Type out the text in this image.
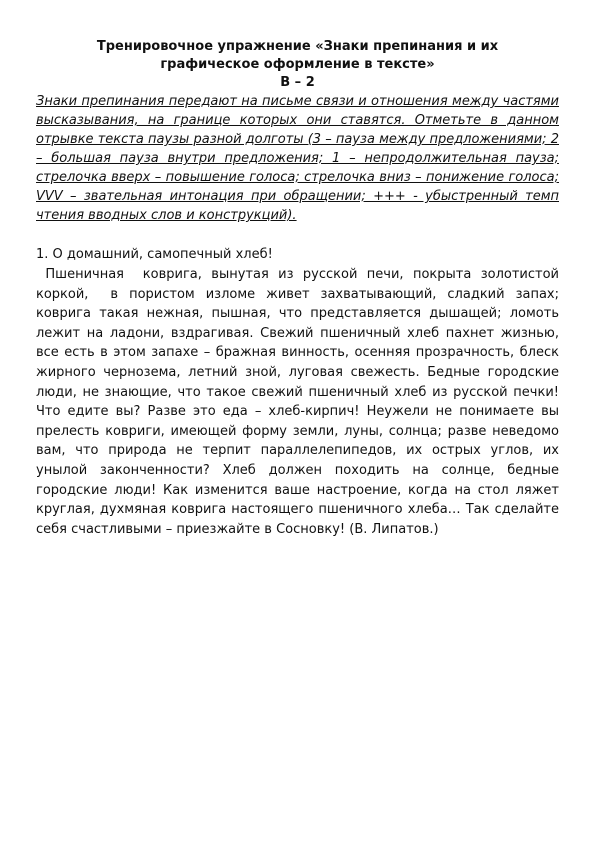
Тренировочное упражнение «Знаки препинания и их
графическое оформление в тексте»
В – 2

Знаки препинания передают на письме связи и отношения между частями высказывания, на границе которых они ставятся. Отметьте в данном отрывке текста паузы разной долготы (3 – пауза между предложениями; 2 – большая пауза внутри предложения; 1 – непродолжительная пауза; стрелочка вверх – повышение голоса; стрелочка вниз – понижение голоса; VVV – звательная интонация при обращении; +++ - убыстренный темп чтения вводных слов и конструкций).

1. О домашний, самопечный хлеб!

Пшеничная  коврига, вынутая из русской печи, покрыта золотистой коркой,  в пористом изломе живет захватывающий, сладкий запах; коврига такая нежная, пышная, что представляется дышащей; ломоть лежит на ладони, вздрагивая. Свежий пшеничный хлеб пахнет жизнью, все есть в этом запахе – бражная винность, осенняя прозрачность, блеск жирного чернозема, летний зной, луговая свежесть. Бедные городские люди, не знающие, что такое свежий пшеничный хлеб из русской печки! Что едите вы? Разве это еда – хлеб-кирпич! Неужели не понимаете вы прелесть ковриги, имеющей форму земли, луны, солнца; разве неведомо вам, что природа не терпит параллелепипедов, их острых углов, их унылой законченности? Хлеб должен походить на солнце, бедные городские люди! Как изменится ваше настроение, когда на стол ляжет круглая, духмяная коврига настоящего пшеничного хлеба… Так сделайте себя счастливыми – приезжайте в Сосновку! (В. Липатов.)
